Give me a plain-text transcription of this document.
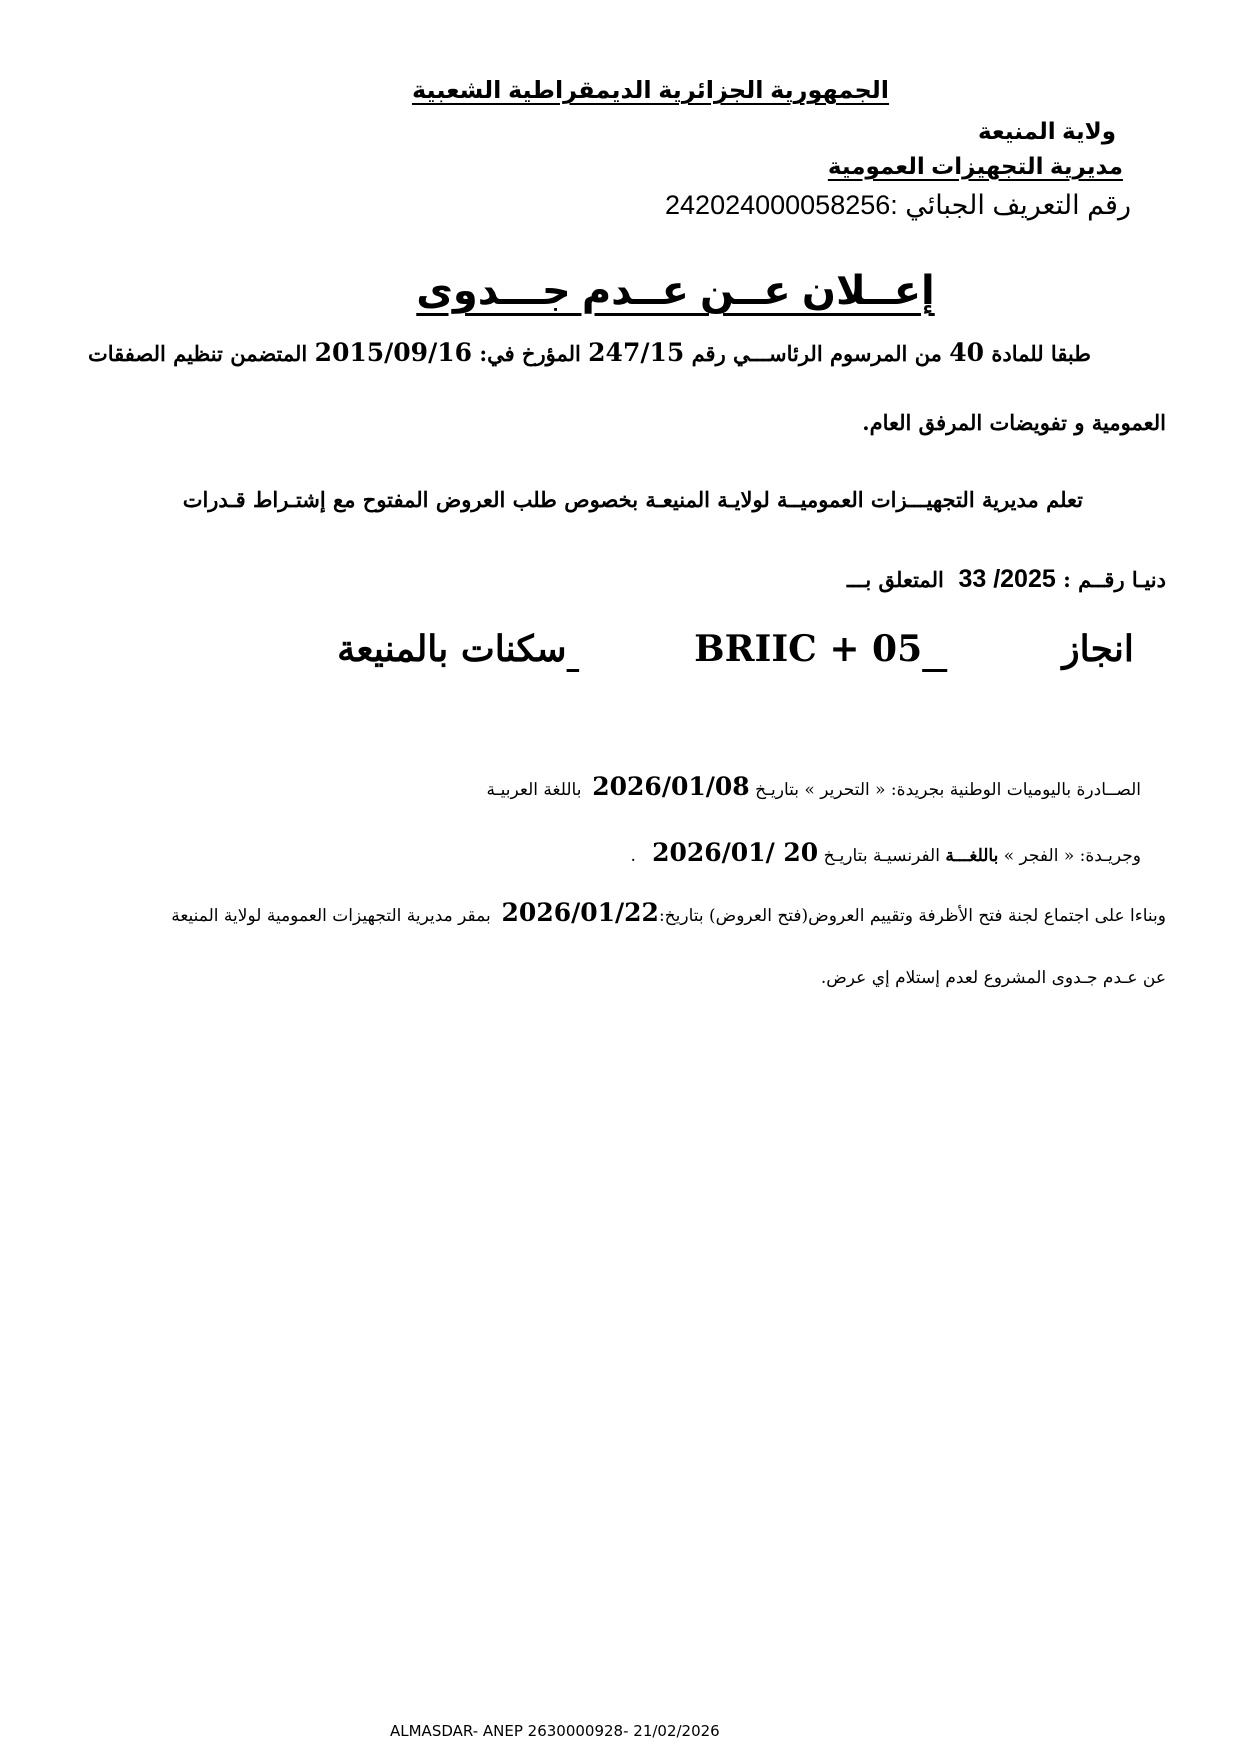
الجمهورية الجزائرية الديمقراطية الشعبية
ولاية المنيعة
مديرية التجهيزات العمومية
رقم التعريف الجبائي :242024000058256
إعــلان عــن عــدم جـــدوى
طبقا للمادة 40 من المرسوم الرئاســـي رقم 247/15 المؤرخ في: 2015/09/16 المتضمن تنظيم الصفقات
العمومية و تفويضات المرفق العام.
تعلم مديرية التجهيـــزات العموميــة لولايـة المنيعـة بخصوص طلب العروض المفتوح مع إشتـراط قـدرات
دنيـا رقــم : 33 /2025  المتعلق بـــ
انجاز  BRIIC + 05 سكنات بالمنيعة
الصــادرة باليوميات الوطنية بجريدة: « التحرير » بتاريـخ 2026/01/08  باللغة العربيـة
وجريـدة: « الفجر » باللغـــة الفرنسيـة بتاريـخ 2026/01/ 20   .
وبناءا على اجتماع لجنة فتح الأظرفة وتقييم العروض(فتح العروض) بتاريخ:2026/01/22  بمقر مديرية التجهيزات العمومية لولاية المنيعة
عن عـدم جـدوى المشروع لعدم إستلام إي عرض.
ALMASDAR- ANEP 2630000928- 21/02/2026
